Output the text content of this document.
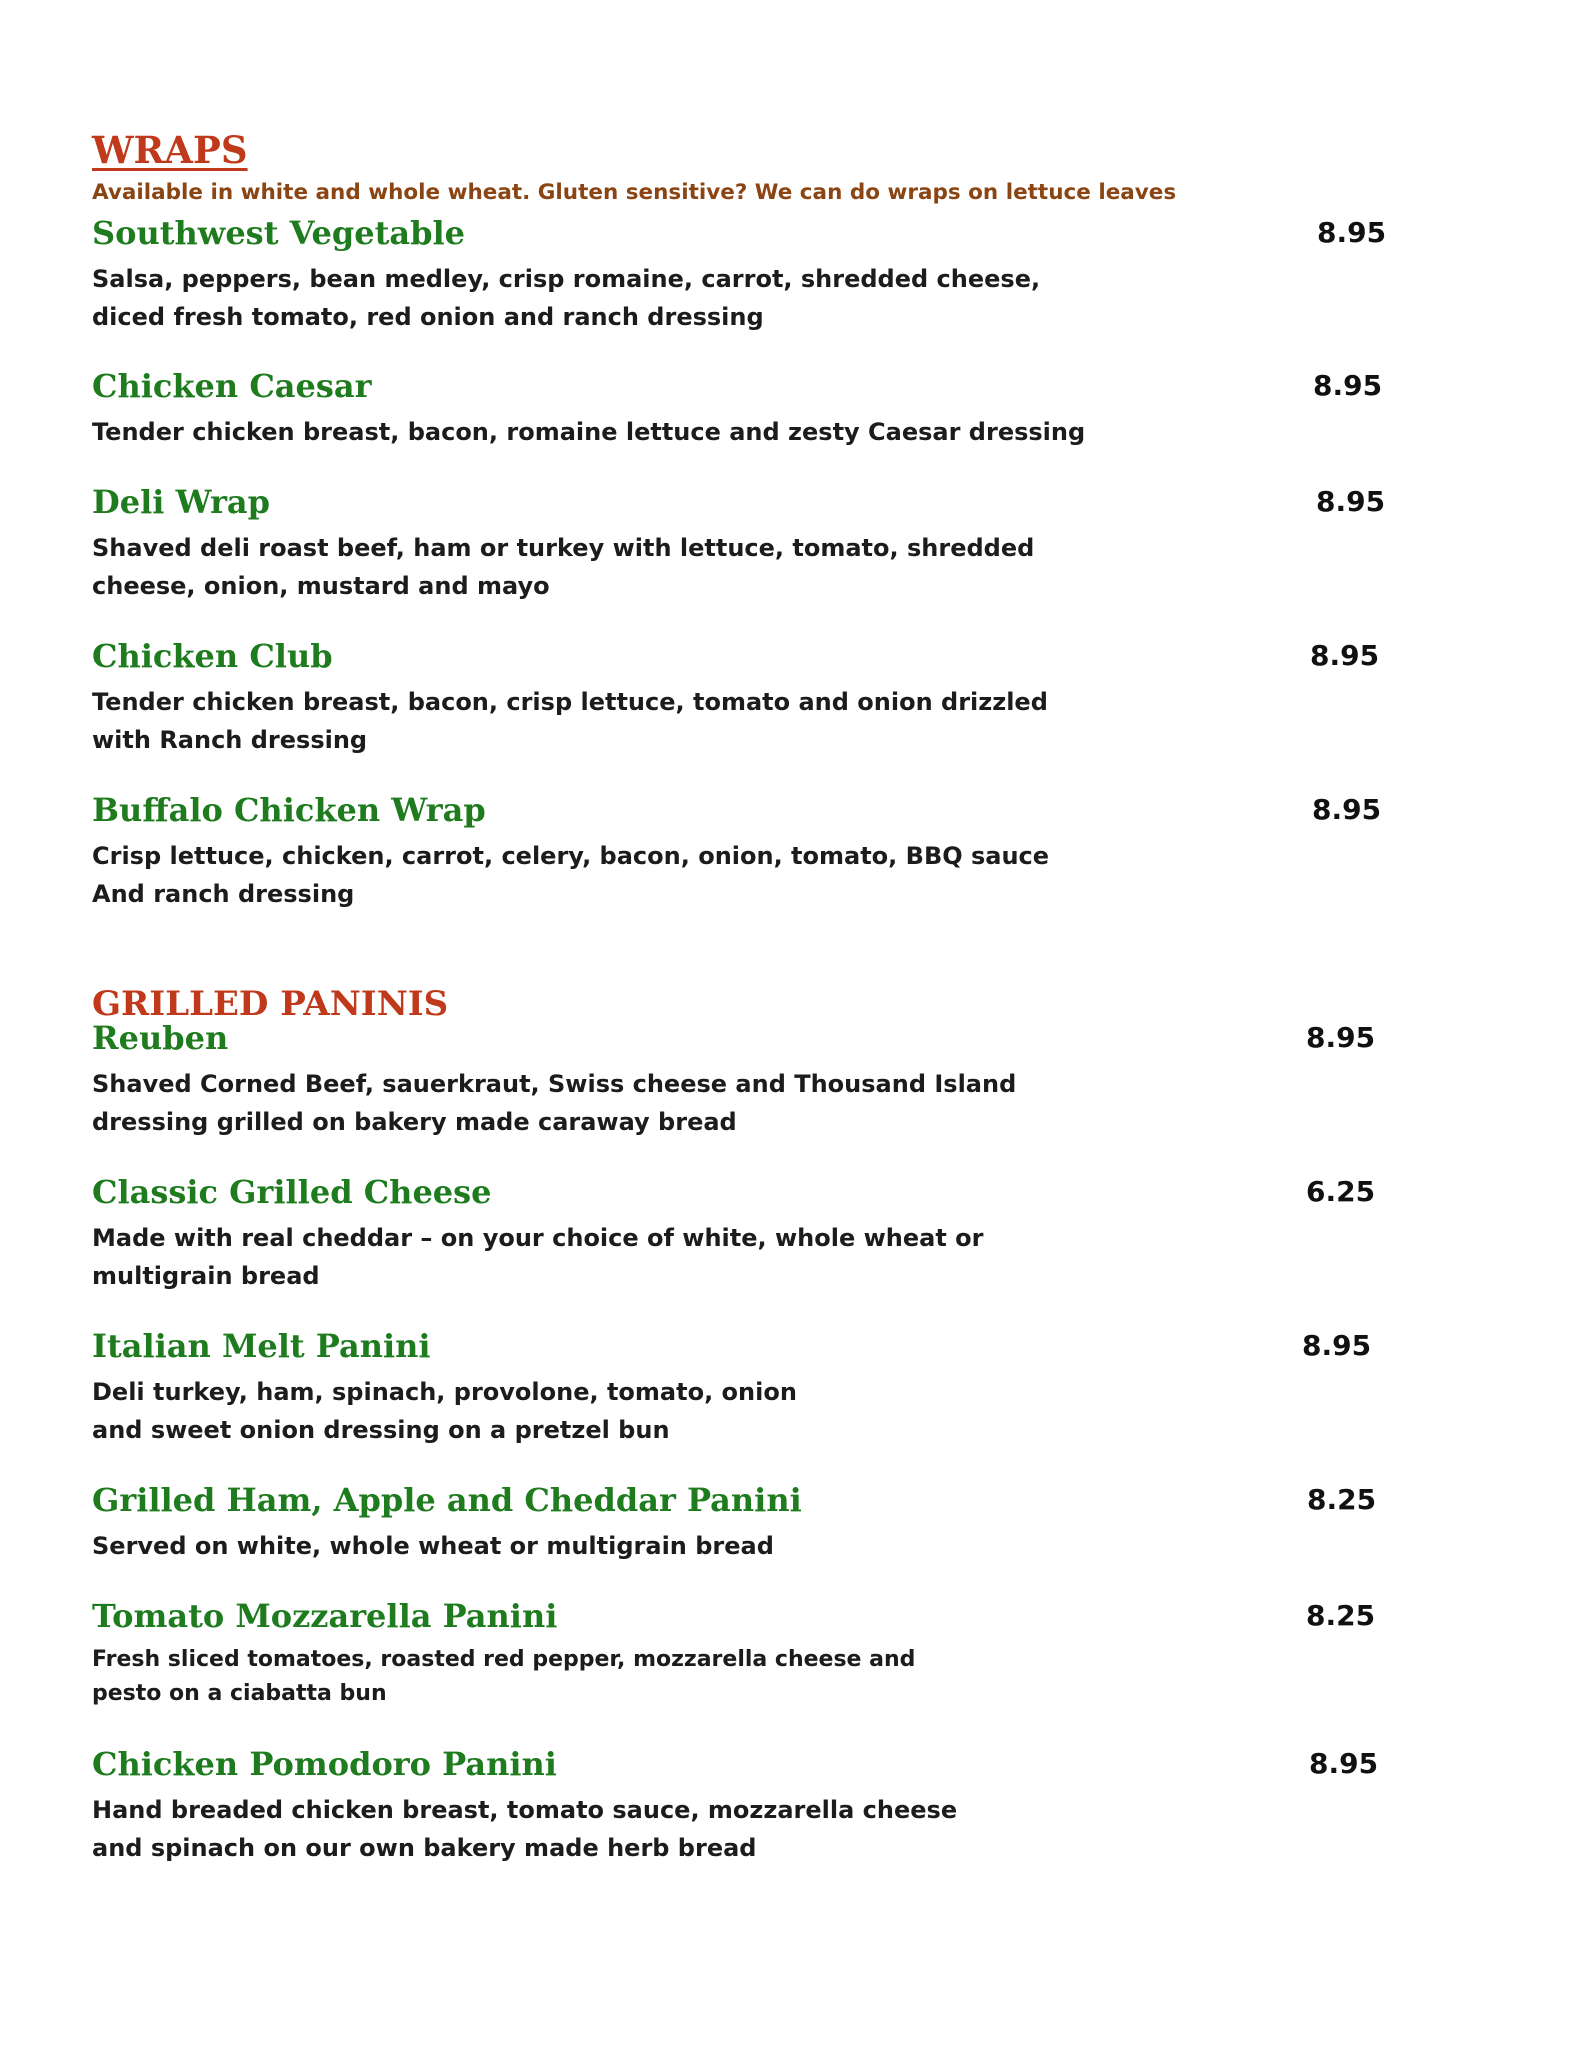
WRAPS

Available in white and whole wheat. Gluten sensitive? We can do wraps on lettuce leaves

Southwest Vegetable	8.95
Salsa, peppers, bean medley, crisp romaine, carrot, shredded cheese,
diced fresh tomato, red onion and ranch dressing
Chicken Caesar	8.95
Tender chicken breast, bacon, romaine lettuce and zesty Caesar dressing
Deli Wrap	8.95
Shaved deli roast beef, ham or turkey with lettuce, tomato, shredded
cheese, onion, mustard and mayo
Chicken Club	8.95
Tender chicken breast, bacon, crisp lettuce, tomato and onion drizzled
with Ranch dressing
Buffalo Chicken Wrap	8.95
Crisp lettuce, chicken, carrot, celery, bacon, onion, tomato, BBQ sauce
And ranch dressing
GRILLED PANINIS
Reuben	8.95
Shaved Corned Beef, sauerkraut, Swiss cheese and Thousand Island
dressing grilled on bakery made caraway bread
Classic Grilled Cheese	6.25
Made with real cheddar – on your choice of white, whole wheat or
multigrain bread
Italian Melt Panini	8.95
Deli turkey, ham, spinach, provolone, tomato, onion
and sweet onion dressing on a pretzel bun
Grilled Ham, Apple and Cheddar Panini	8.25
Served on white, whole wheat or multigrain bread
Tomato Mozzarella Panini	8.25
Fresh sliced tomatoes, roasted red pepper, mozzarella cheese and
pesto on a ciabatta bun
Chicken Pomodoro Panini	8.95
Hand breaded chicken breast, tomato sauce, mozzarella cheese
and spinach on our own bakery made herb bread
